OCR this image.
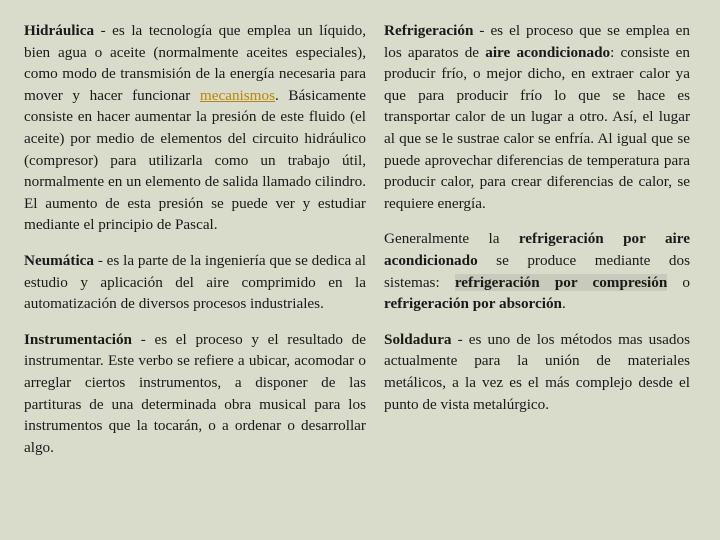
Hidráulica - es la tecnología que emplea un líquido, bien agua o aceite (normalmente aceites especiales), como modo de transmisión de la energía necesaria para mover y hacer funcionar mecanismos. Básicamente consiste en hacer aumentar la presión de este fluido (el aceite) por medio de elementos del circuito hidráulico (compresor) para utilizarla como un trabajo útil, normalmente en un elemento de salida llamado cilindro. El aumento de esta presión se puede ver y estudiar mediante el principio de Pascal.

Neumática - es la parte de la ingeniería que se dedica al estudio y aplicación del aire comprimido en la automatización de diversos procesos industriales.

Instrumentación - es el proceso y el resultado de instrumentar. Este verbo se refiere a ubicar, acomodar o arreglar ciertos instrumentos, a disponer de las partituras de una determinada obra musical para los instrumentos que la tocarán, o a ordenar o desarrollar algo.

Refrigeración - es el proceso que se emplea en los aparatos de aire acondicionado: consiste en producir frío, o mejor dicho, en extraer calor ya que para producir frío lo que se hace es transportar calor de un lugar a otro. Así, el lugar al que se le sustrae calor se enfría. Al igual que se puede aprovechar diferencias de temperatura para producir calor, para crear diferencias de calor, se requiere energía.

Generalmente la refrigeración por aire acondicionado se produce mediante dos sistemas: refrigeración por compresión o refrigeración por absorción.

Soldadura - es uno de los métodos mas usados actualmente para la unión de materiales metálicos, a la vez es el más complejo desde el punto de vista metalúrgico.
